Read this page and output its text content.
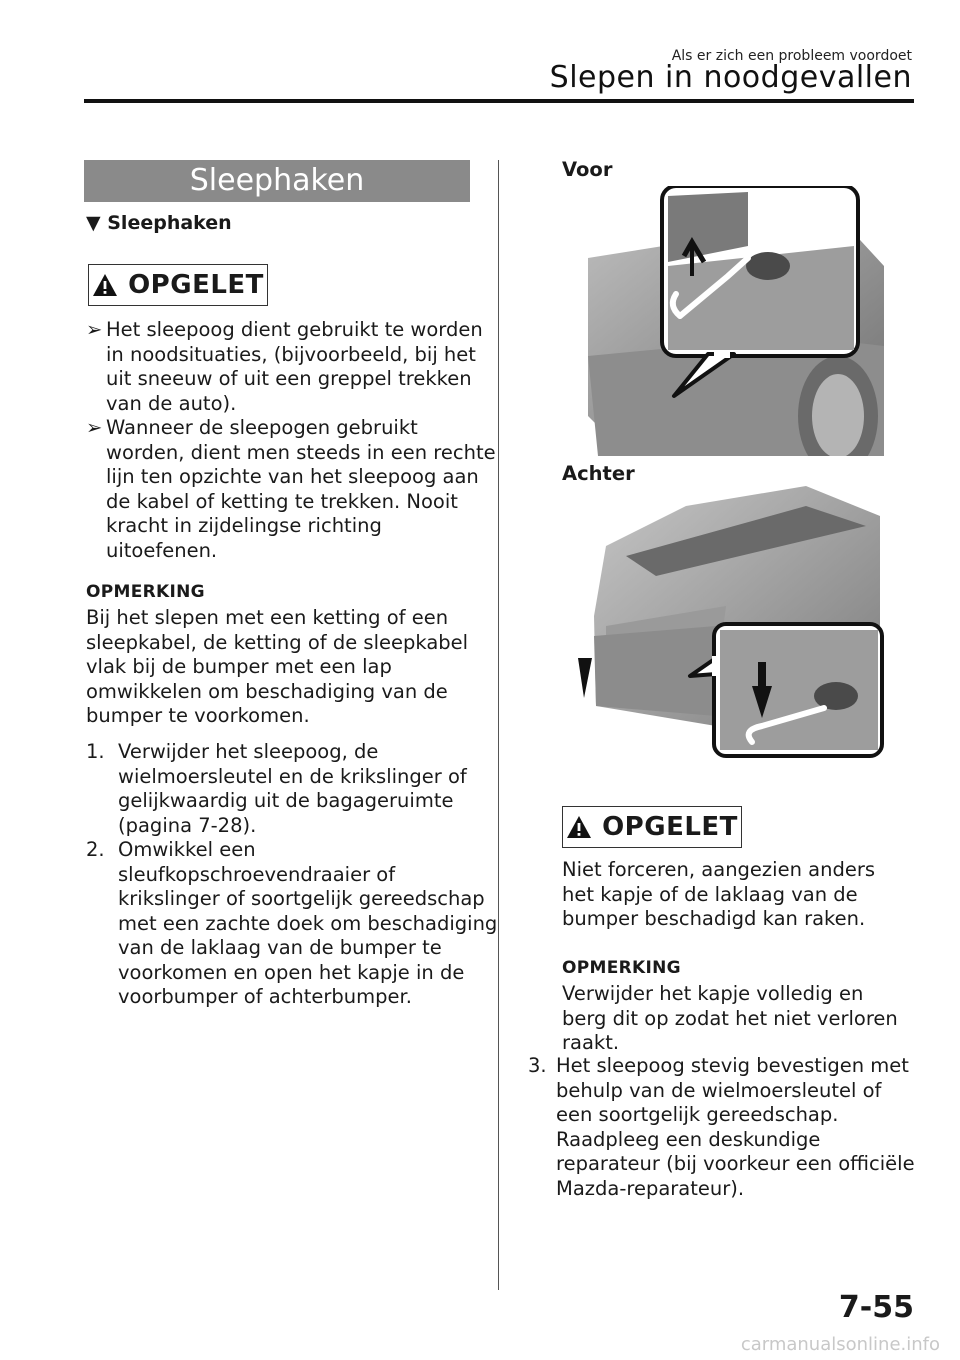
Als er zich een probleem voordoet
Slepen in noodgevallen
Sleephaken
▼ Sleephaken
OPGELET
➢ Het sleepoog dient gebruikt te worden in noodsituaties, (bijvoorbeeld, bij het uit sneeuw of uit een greppel trekken van de auto).
➢ Wanneer de sleepogen gebruikt worden, dient men steeds in een rechte lijn ten opzichte van het sleepoog aan de kabel of ketting te trekken. Nooit kracht in zijdelingse richting uitoefenen.
OPMERKING
Bij het slepen met een ketting of een sleepkabel, de ketting of de sleepkabel vlak bij de bumper met een lap omwikkelen om beschadiging van de bumper te voorkomen.
1. Verwijder het sleepoog, de wielmoersleutel en de krikslinger of gelijkwaardig uit de bagageruimte (pagina 7-28).
2. Omwikkel een sleufkopschroevendraaier of krikslinger of soortgelijk gereedschap met een zachte doek om beschadiging van de laklaag van de bumper te voorkomen en open het kapje in de voorbumper of achterbumper.
Voor
Achter
OPGELET
Niet forceren, aangezien anders het kapje of de laklaag van de bumper beschadigd kan raken.
OPMERKING
Verwijder het kapje volledig en berg dit op zodat het niet verloren raakt.
3. Het sleepoog stevig bevestigen met behulp van de wielmoersleutel of een soortgelijk gereedschap.
Raadpleeg een deskundige reparateur (bij voorkeur een officiële Mazda-reparateur).
7-55
carmanualsonline.info
